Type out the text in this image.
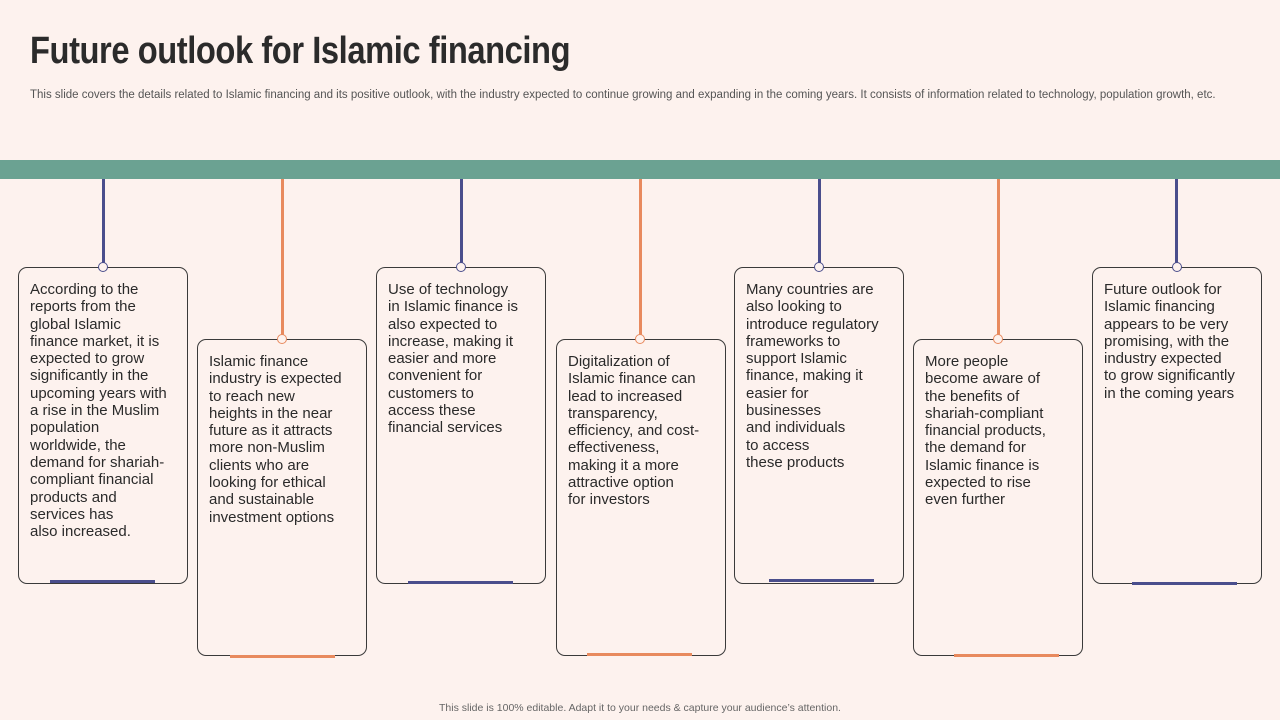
Future outlook for Islamic financing
This slide covers the details related to Islamic financing and its positive outlook, with the industry expected to continue growing and expanding in the coming years. It consists of information related to technology, population growth, etc.

According to the
reports from the
global Islamic
finance market, it is
expected to grow
significantly in the
upcoming years with
a rise in the Muslim
population
worldwide, the
demand for shariah-
compliant financial
products and
services has
also increased.

Islamic finance
industry is expected
to reach new
heights in the near
future as it attracts
more non-Muslim
clients who are
looking for ethical
and sustainable
investment options

Use of technology
in Islamic finance is
also expected to
increase, making it
easier and more
convenient for
customers to
access these
financial services

Digitalization of
Islamic finance can
lead to increased
transparency,
efficiency, and cost-
effectiveness,
making it a more
attractive option
for investors

Many countries are
also looking to
introduce regulatory
frameworks to
support Islamic
finance, making it
easier for
businesses
and individuals
to access
these products

More people
become aware of
the benefits of
shariah-compliant
financial products,
the demand for
Islamic finance is
expected to rise
even further

Future outlook for
Islamic financing
appears to be very
promising, with the
industry expected
to grow significantly
in the coming years

This slide is 100% editable. Adapt it to your needs & capture your audience’s attention.
